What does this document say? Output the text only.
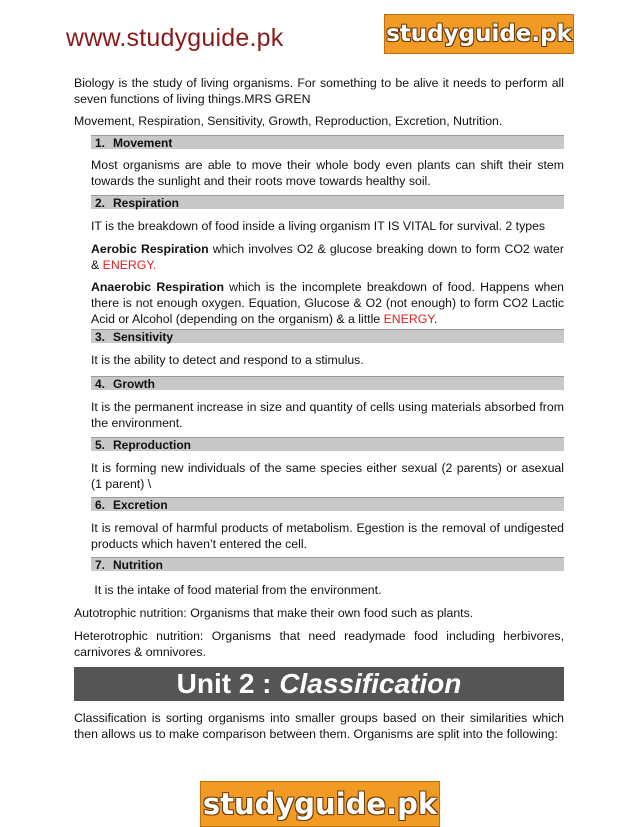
www.studyguide.pk	studyguide.pk

Biology is the study of living organisms. For something to be alive it needs to perform all seven functions of living things.MRS GREN

Movement, Respiration, Sensitivity, Growth, Reproduction, Excretion, Nutrition.

1. Movement

Most organisms are able to move their whole body even plants can shift their stem towards the sunlight and their roots move towards healthy soil.

2. Respiration

IT is the breakdown of food inside a living organism IT IS VITAL for survival. 2 types

Aerobic Respiration which involves O2 & glucose breaking down to form CO2 water & ENERGY.

Anaerobic Respiration which is the incomplete breakdown of food. Happens when there is not enough oxygen. Equation, Glucose & O2 (not enough) to form CO2 Lactic Acid or Alcohol (depending on the organism) & a little ENERGY.

3. Sensitivity

It is the ability to detect and respond to a stimulus.

4. Growth

It is the permanent increase in size and quantity of cells using materials absorbed from the environment.

5. Reproduction

It is forming new individuals of the same species either sexual (2 parents) or asexual (1 parent) \

6. Excretion

It is removal of harmful products of metabolism. Egestion is the removal of undigested products which haven’t entered the cell.

7. Nutrition

It is the intake of food material from the environment.

Autotrophic nutrition: Organisms that make their own food such as plants.

Heterotrophic nutrition: Organisms that need readymade food including herbivores, carnivores & omnivores.

Unit 2 : Classification

Classification is sorting organisms into smaller groups based on their similarities which then allows us to make comparison between them. Organisms are split into the following:

studyguide.pk
